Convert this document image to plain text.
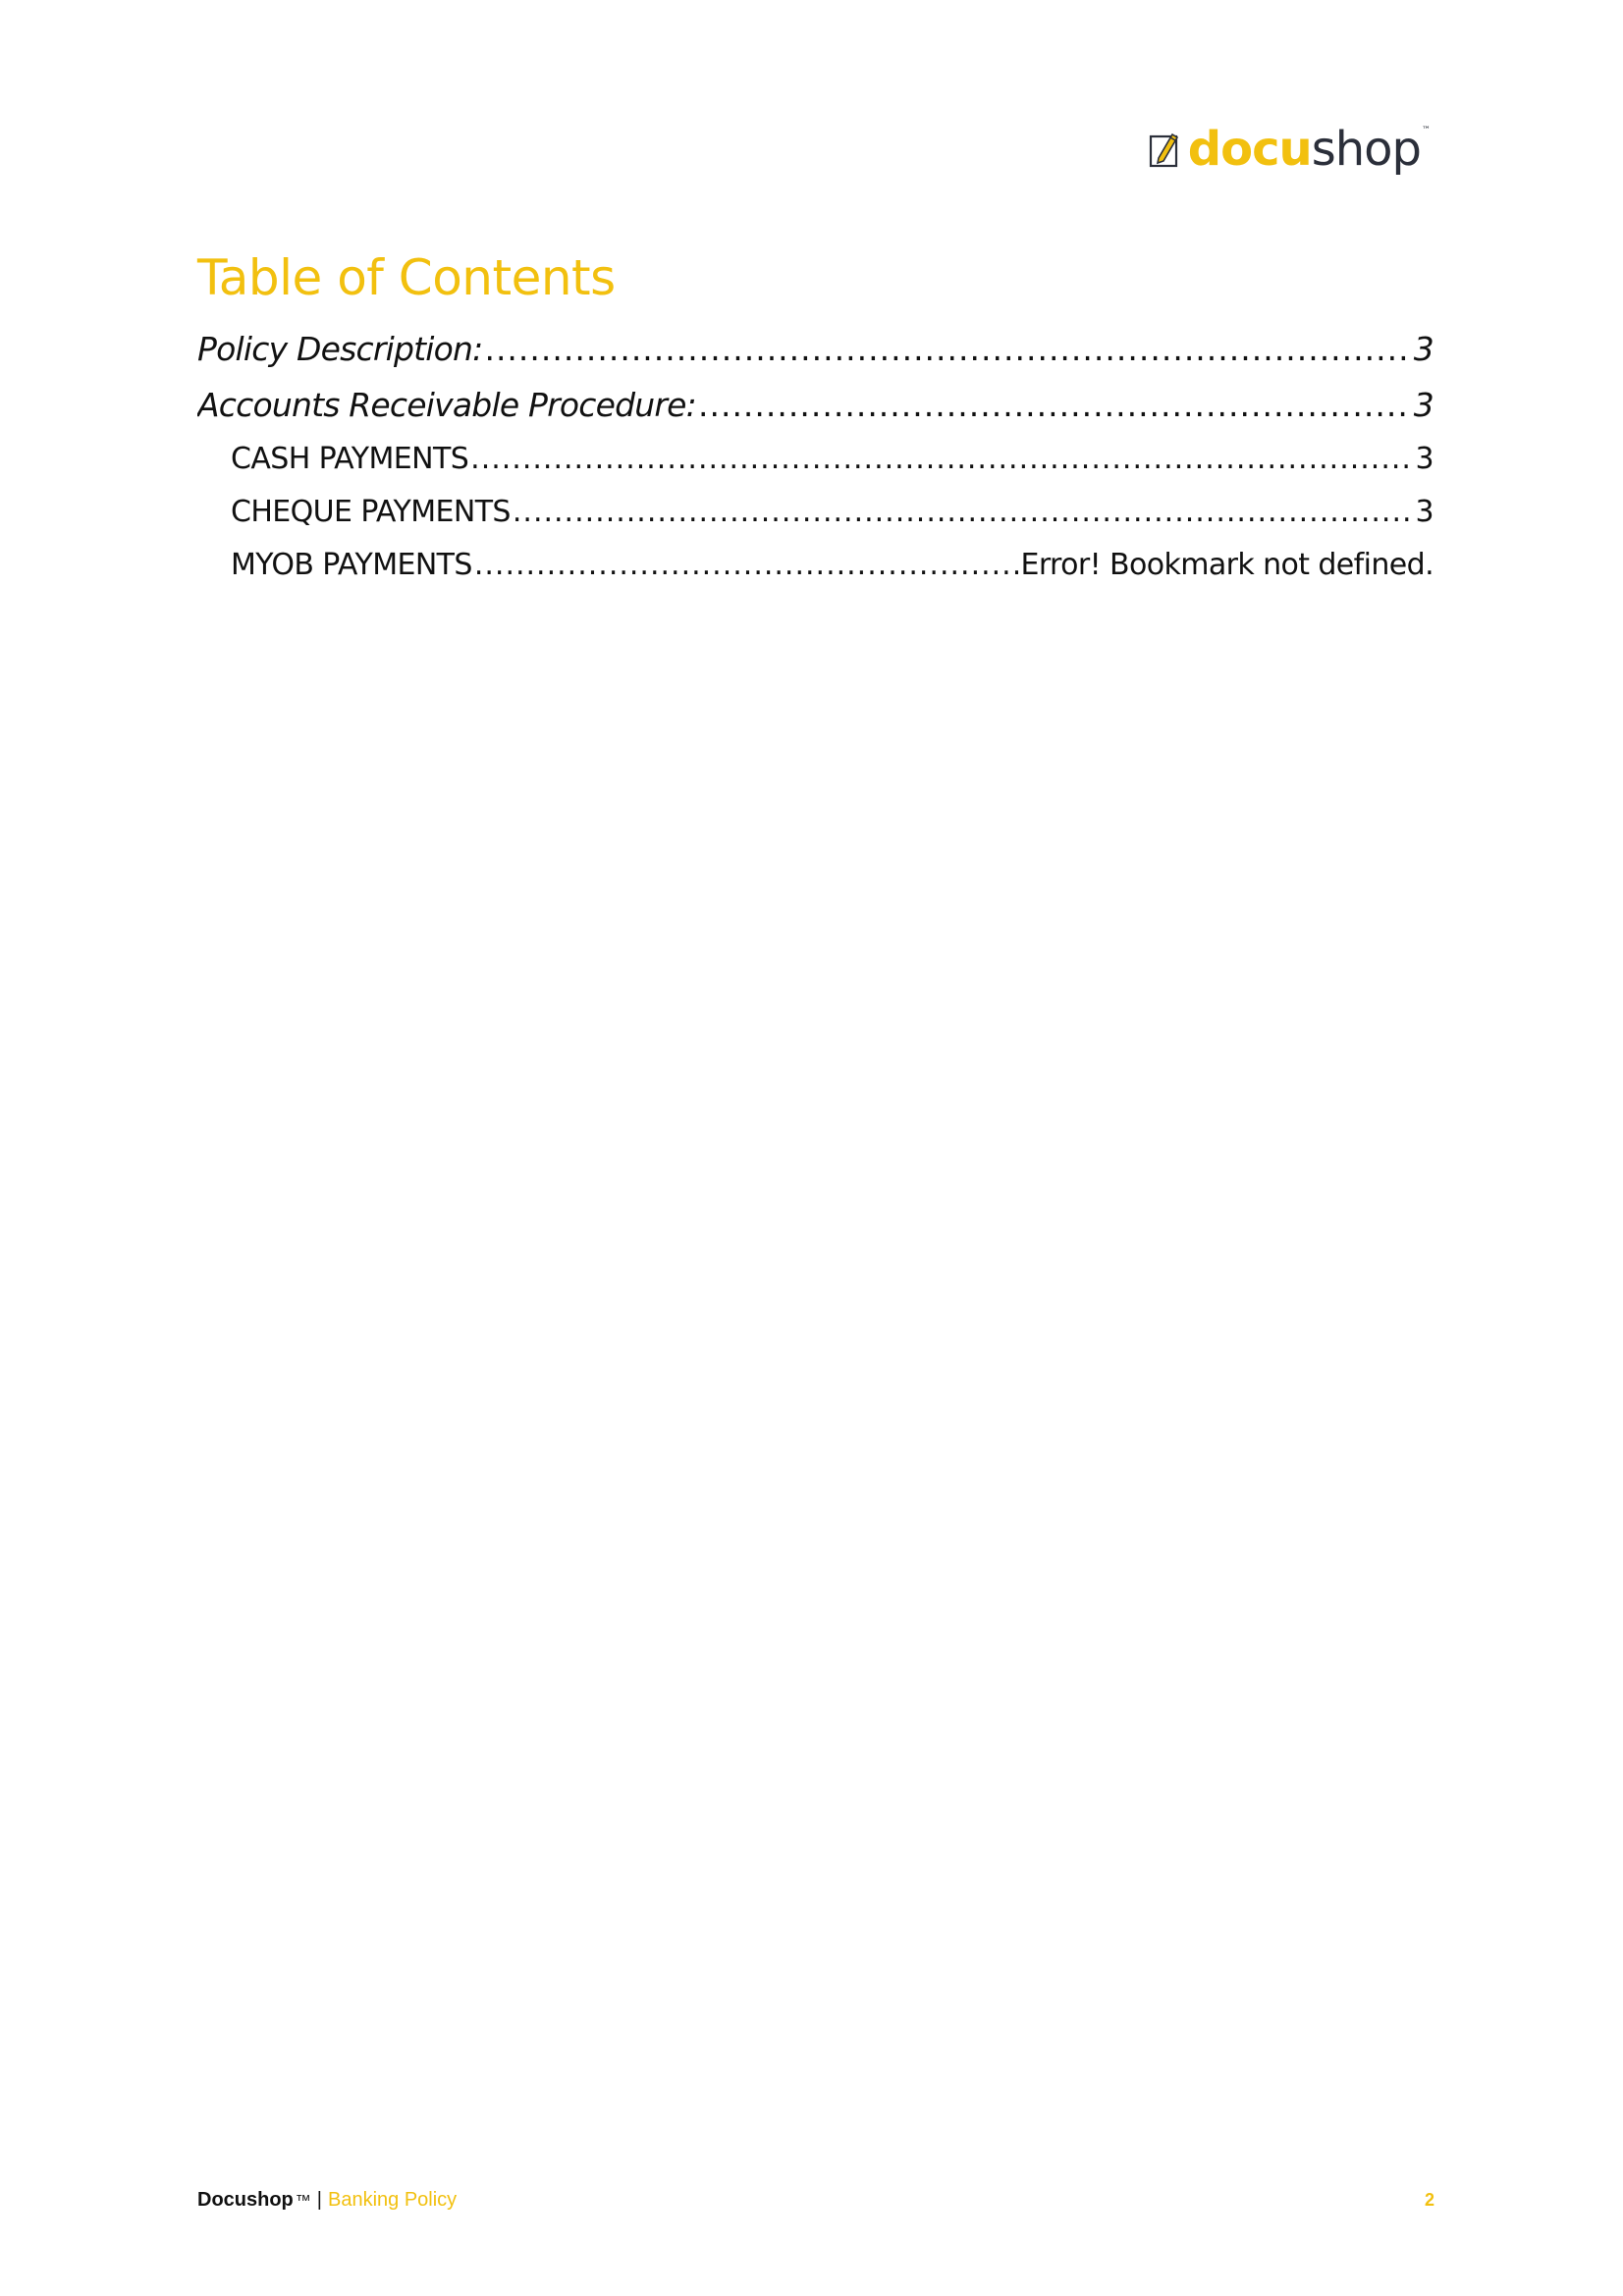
docushop ™
Table of Contents
Policy Description: .....	3
Accounts Receivable Procedure: .....	3
CASH PAYMENTS .....	3
CHEQUE PAYMENTS .....	3
MYOB PAYMENTS .....	Error! Bookmark not defined.
Docushop ™ | Banking Policy	2
